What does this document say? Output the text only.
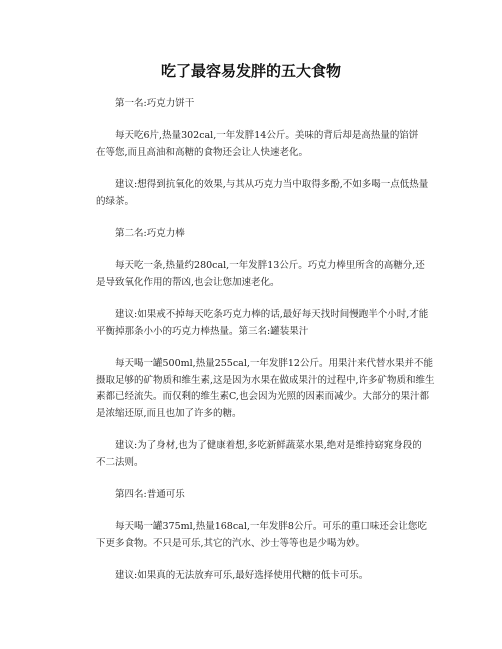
吃了最容易发胖的五大食物

第一名:巧克力饼干

每天吃6片,热量302cal,一年发胖14公斤。美味的背后却是高热量的馅饼
在等您,而且高油和高糖的食物还会让人快速老化。

建议:想得到抗氧化的效果,与其从巧克力当中取得多酚,不如多喝一点低热量
的绿茶。

第二名:巧克力棒

每天吃一条,热量约280cal,一年发胖13公斤。巧克力棒里所含的高糖分,还
是导致氧化作用的帮凶,也会让您加速老化。

建议:如果戒不掉每天吃条巧克力棒的话,最好每天找时间慢跑半个小时,才能
平衡掉那条小小的巧克力棒热量。第三名:罐装果汁

每天喝一罐500ml,热量255cal,一年发胖12公斤。用果汁来代替水果并不能
摄取足够的矿物质和维生素,这是因为水果在做成果汁的过程中,许多矿物质和维生
素都已经流失。而仅剩的维生素C,也会因为光照的因素而减少。大部分的果汁都
是浓缩还原,而且也加了许多的糖。

建议:为了身材,也为了健康着想,多吃新鲜蔬菜水果,绝对是维持窈窕身段的
不二法则。

第四名:普通可乐

每天喝一罐375ml,热量168cal,一年发胖8公斤。可乐的重口味还会让您吃
下更多食物。不只是可乐,其它的汽水、沙士等等也是少喝为妙。

建议:如果真的无法放弃可乐,最好选择使用代糖的低卡可乐。
